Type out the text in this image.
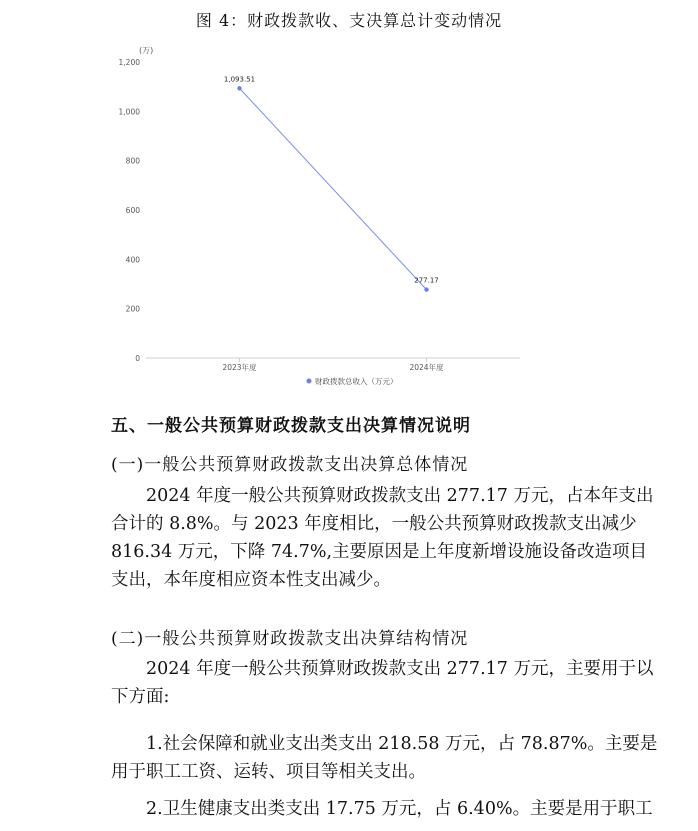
图 4：财政拨款收、支决算总计变动情况
(万)
0
200
400
600
800
1,000
1,200
2023年度	2024年度
1,093.51
277.17
财政拨款总收入（万元）
五、一般公共预算财政拨款支出决算情况说明
(一)一般公共预算财政拨款支出决算总体情况
2024 年度一般公共预算财政拨款支出 277.17 万元，占本年支出
合计的 8.8%。与 2023 年度相比，一般公共预算财政拨款支出减少
816.34 万元，下降 74.7%,主要原因是上年度新增设施设备改造项目
支出，本年度相应资本性支出减少。
(二)一般公共预算财政拨款支出决算结构情况
2024 年度一般公共预算财政拨款支出 277.17 万元，主要用于以
下方面:
1.社会保障和就业支出类支出 218.58 万元，占 78.87%。主要是
用于职工工资、运转、项目等相关支出。
2.卫生健康支出类支出 17.75 万元，占 6.40%。主要是用于职工
